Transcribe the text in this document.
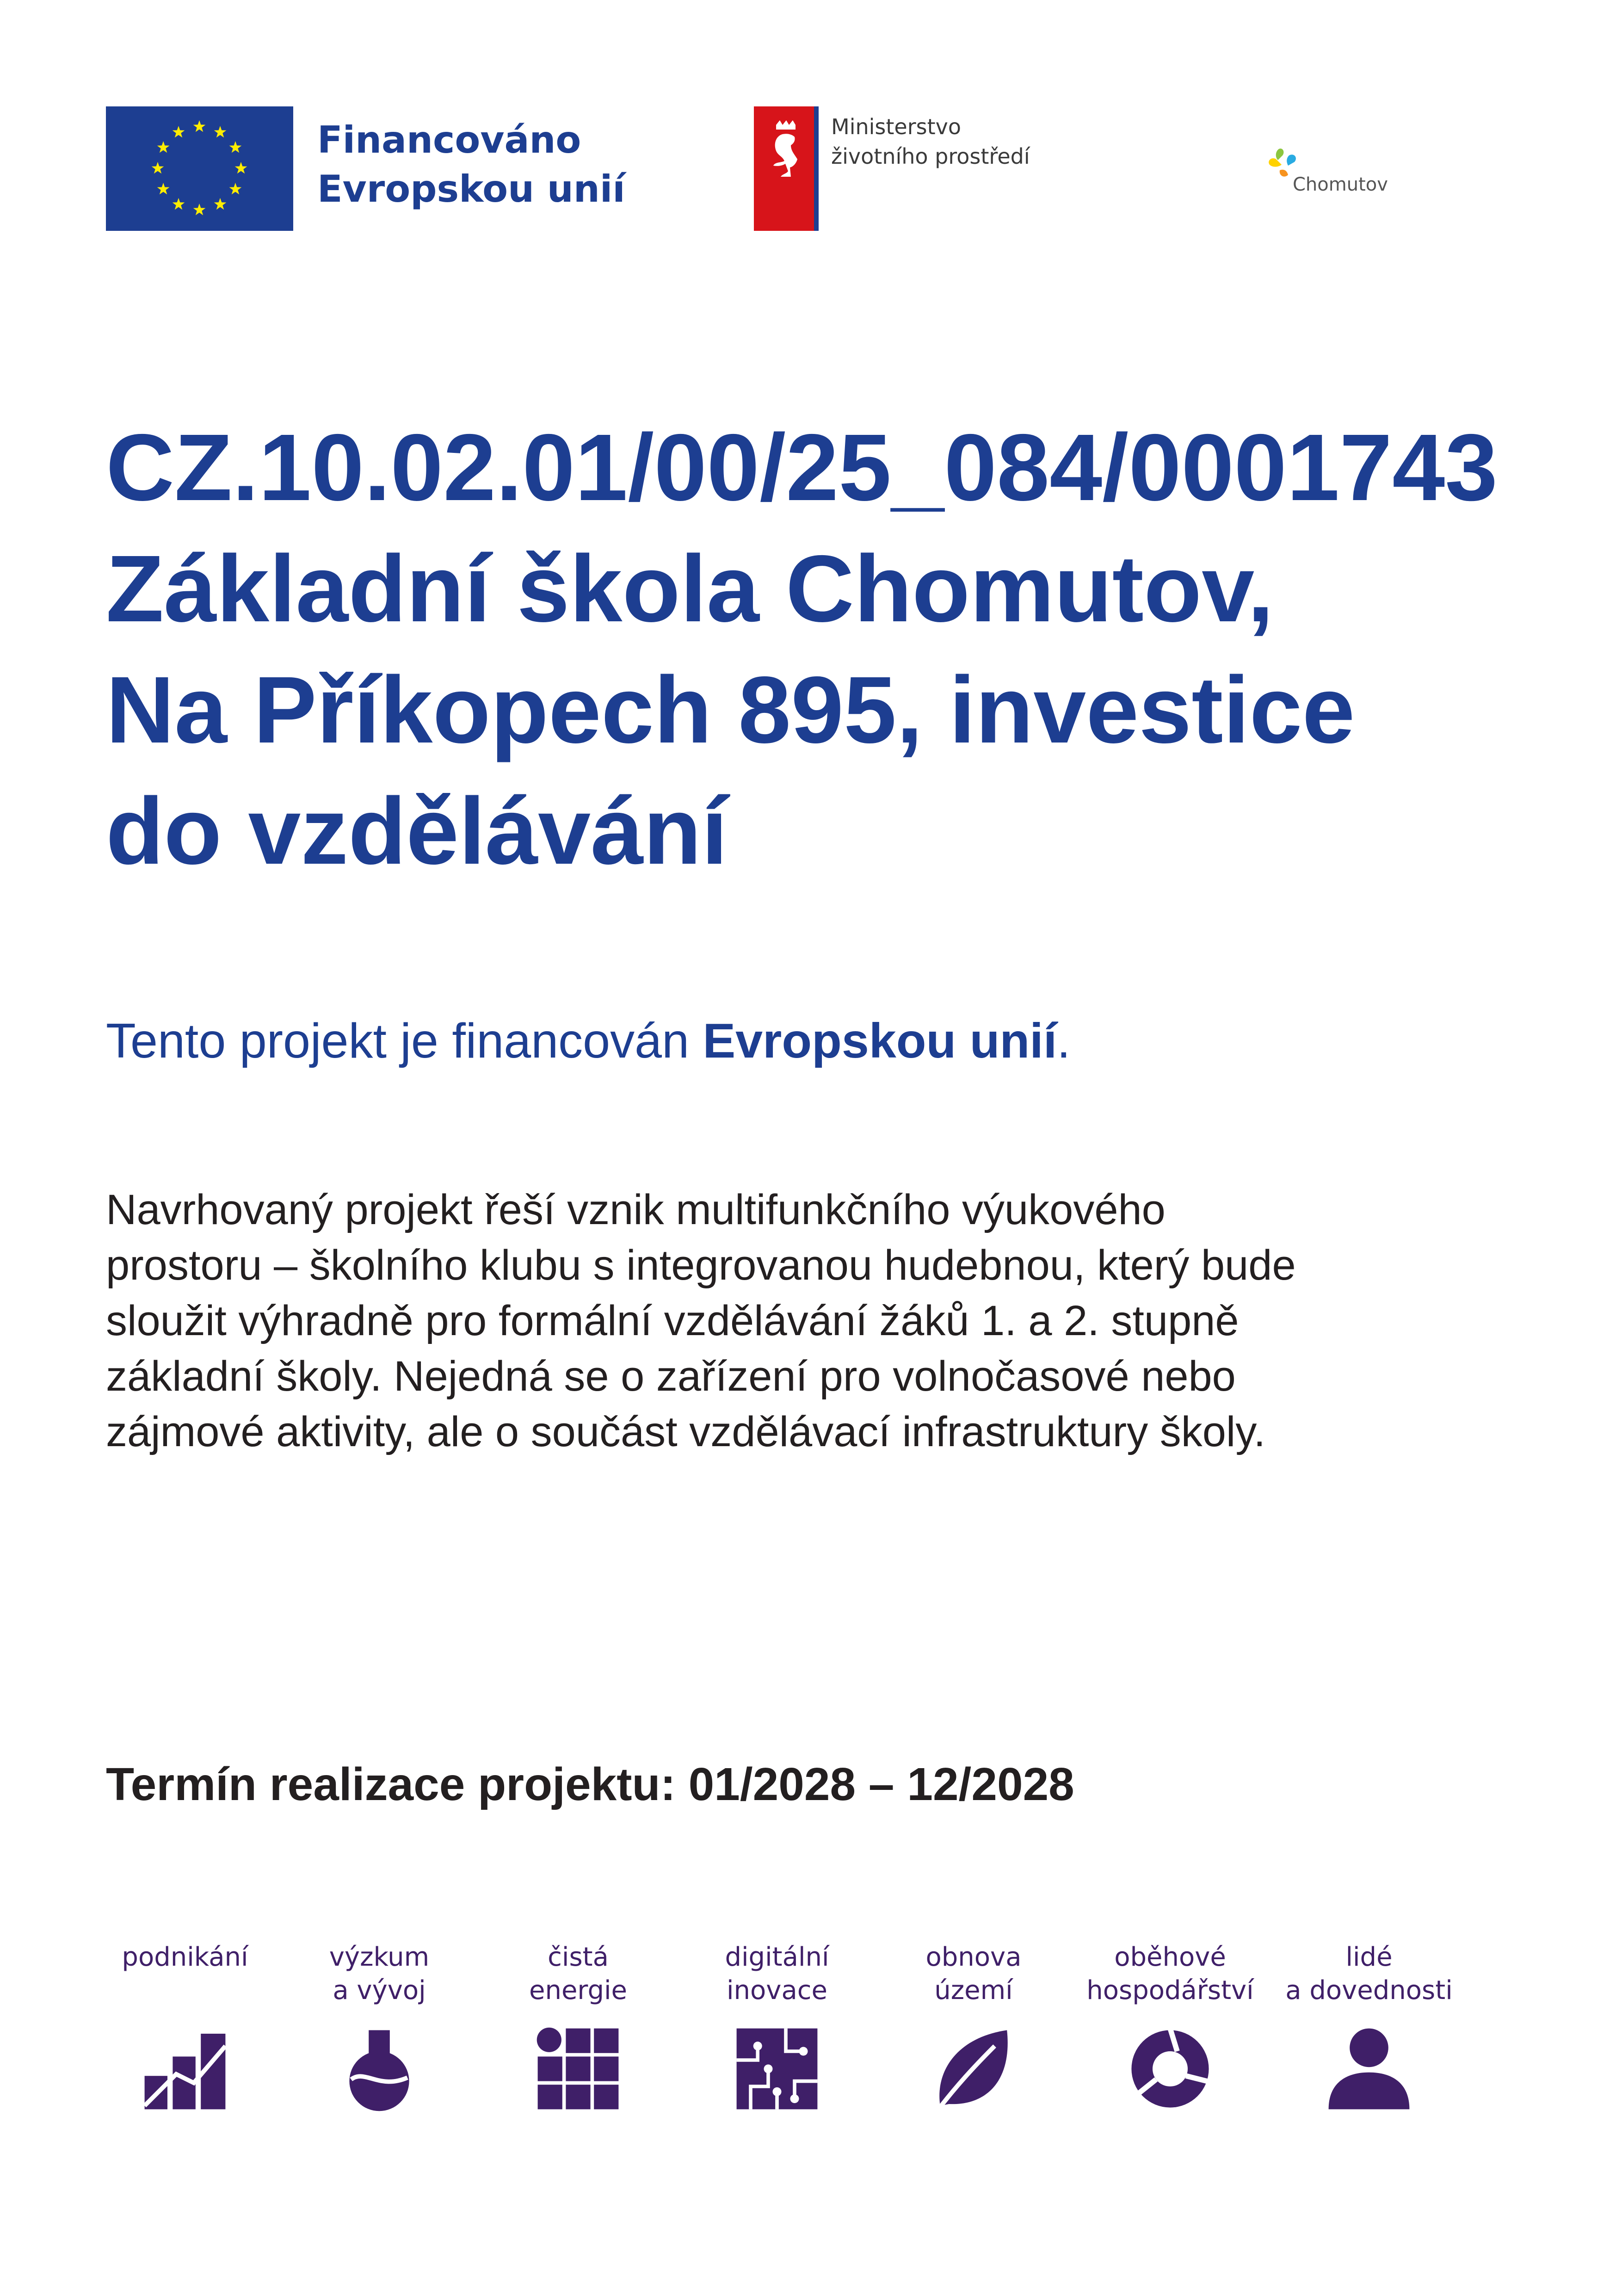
Financováno
Evropskou unií
Ministerstvo
životního prostředí
Chomutov
CZ.10.02.01/00/25_084/0001743
Základní škola Chomutov,
Na Příkopech 895, investice
do vzdělávání
Tento projekt je financován Evropskou unií.
Navrhovaný projekt řeší vznik multifunkčního výukového
prostoru – školního klubu s integrovanou hudebnou, který bude
sloužit výhradně pro formální vzdělávání žáků 1. a 2. stupně
základní školy. Nejedná se o zařízení pro volnočasové nebo
zájmové aktivity, ale o součást vzdělávací infrastruktury školy.
Termín realizace projektu: 01/2028 – 12/2028
podnikání	výzkum
a vývoj
čistá
energie
digitální
inovace
obnova
území
oběhové
hospodářství
lidé
a dovednosti
